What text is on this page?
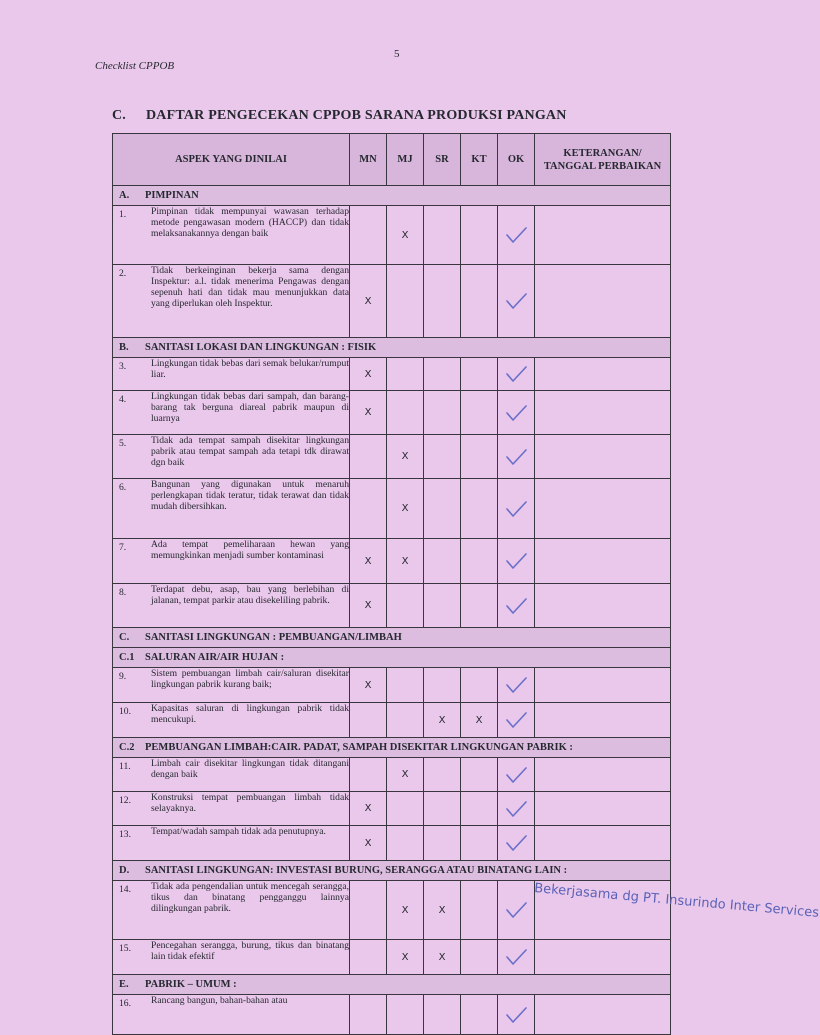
5
Checklist CPPOB
C. DAFTAR PENGECEKAN CPPOB SARANA PRODUKSI PANGAN
ASPEK YANG DINILAI	MN	MJ	SR	KT	OK	KETERANGAN/ TANGGAL PERBAIKAN
A. PIMPINAN						

1. Pimpinan tidak mempunyai wawasan terhadap metode pengawasan modern (HACCP) dan tidak melaksanakannya dengan baik		X			

2. Tidak berkeinginan bekerja sama dengan Inspektur: a.l. tidak menerima Pengawas dengan sepenuh hati dan tidak mau menunjukkan data yang diperlukan oleh Inspektur.	X				

B. SANITASI LOKASI DAN LINGKUNGAN : FISIK						

3. Lingkungan tidak bebas dari semak belukar/rumput liar.	X				

4. Lingkungan tidak bebas dari sampah, dan barang-barang tak berguna diareal pabrik maupun di luarnya	X				

5. Tidak ada tempat sampah disekitar lingkungan pabrik atau tempat sampah ada tetapi tdk dirawat dgn baik		X			

6. Bangunan yang digunakan untuk menaruh perlengkapan tidak teratur, tidak terawat dan tidak mudah dibersihkan.		X			

7. Ada tempat pemeliharaan hewan yang memungkinkan menjadi sumber kontaminasi	X	X			

8. Terdapat debu, asap, bau yang berlebihan di jalanan, tempat parkir atau disekeliling pabrik.	X				

C. SANITASI LINGKUNGAN : PEMBUANGAN/LIMBAH						
C.1 SALURAN AIR/AIR HUJAN :						

9. Sistem pembuangan limbah cair/saluran disekitar lingkungan pabrik kurang baik;	X				

10. Kapasitas saluran di lingkungan pabrik tidak mencukupi.			X	X	

C.2 PEMBUANGAN LIMBAH:CAIR. PADAT, SAMPAH DISEKITAR LINGKUNGAN PABRIK :						

11. Limbah cair disekitar lingkungan tidak ditangani dengan baik		X			

12. Konstruksi tempat pembuangan limbah tidak selayaknya.	X				

13. Tempat/wadah sampah tidak ada penutupnya.	X				

D. SANITASI LINGKUNGAN: INVESTASI BURUNG, SERANGGA ATAU BINATANG LAIN :						

14. Tidak ada pengendalian untuk mencegah serangga, tikus dan binatang pengganggu lainnya dilingkungan pabrik.		X	X			Bekerjasama dg PT. Insurindo Inter Services

15. Pencegahan serangga, burung, tikus dan binatang lain tidak efektif		X	X		

E. PABRIK – UMUM :						

16. Rancang bangun, bahan-bahan atau
